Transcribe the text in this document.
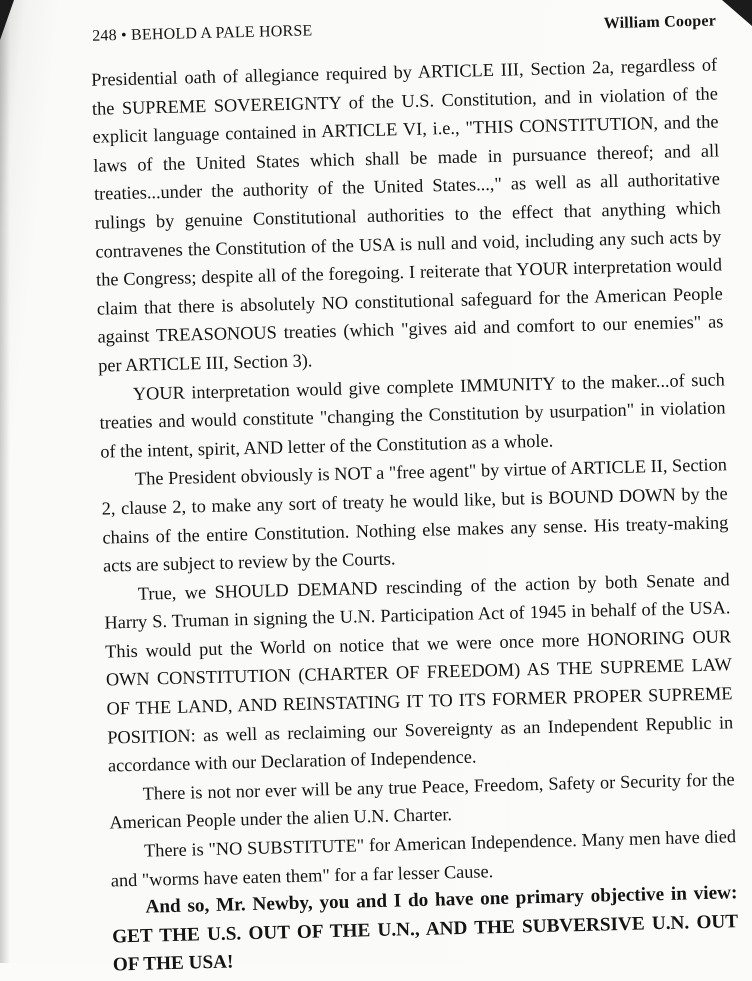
248 • BEHOLD A PALE HORSE	William Cooper

Presidential oath of allegiance required by ARTICLE III, Section 2a, regardless of the SUPREME SOVEREIGNTY of the U.S. Constitution, and in violation of the explicit language contained in ARTICLE VI, i.e., "THIS CONSTITUTION, and the laws of the United States which shall be made in pursuance thereof; and all treaties...under the authority of the United States...," as well as all authoritative rulings by genuine Constitutional authorities to the effect that anything which contravenes the Constitution of the USA is null and void, including any such acts by the Congress; despite all of the foregoing. I reiterate that YOUR interpretation would claim that there is absolutely NO constitutional safeguard for the American People against TREASONOUS treaties (which "gives aid and comfort to our enemies" as per ARTICLE III, Section 3).

YOUR interpretation would give complete IMMUNITY to the maker...of such treaties and would constitute "changing the Constitution by usurpation" in violation of the intent, spirit, AND letter of the Constitution as a whole.

The President obviously is NOT a "free agent" by virtue of ARTICLE II, Section 2, clause 2, to make any sort of treaty he would like, but is BOUND DOWN by the chains of the entire Constitution. Nothing else makes any sense. His treaty-making acts are subject to review by the Courts.

True, we SHOULD DEMAND rescinding of the action by both Senate and Harry S. Truman in signing the U.N. Participation Act of 1945 in behalf of the USA. This would put the World on notice that we were once more HONORING OUR OWN CONSTITUTION (CHARTER OF FREEDOM) AS THE SUPREME LAW OF THE LAND, AND REINSTATING IT TO ITS FORMER PROPER SUPREME POSITION: as well as reclaiming our Sovereignty as an Independent Republic in accordance with our Declaration of Independence.

There is not nor ever will be any true Peace, Freedom, Safety or Security for the American People under the alien U.N. Charter.

There is "NO SUBSTITUTE" for American Independence. Many men have died and "worms have eaten them" for a far lesser Cause.

And so, Mr. Newby, you and I do have one primary objective in view: GET THE U.S. OUT OF THE U.N., AND THE SUBVERSIVE U.N. OUT OF THE USA!
